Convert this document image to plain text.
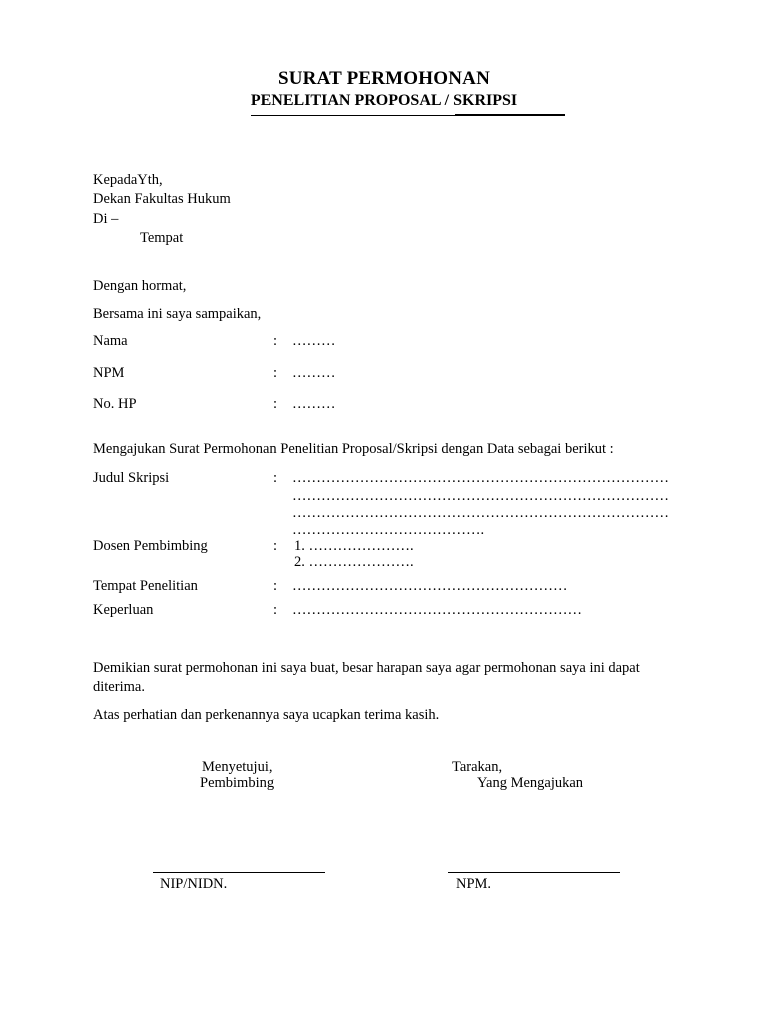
SURAT PERMOHONAN
PENELITIAN PROPOSAL / SKRIPSI
KepadaYth,
Dekan Fakultas Hukum
Di –
Tempat
Dengan hormat,
Bersama ini saya sampaikan,
Nama	: ………
NPM	: ………
No. HP	: ………
Mengajukan Surat Permohonan Penelitian Proposal/Skripsi dengan Data sebagai berikut :
Judul Skripsi	: ……………………………………………………………………
……………………………………………………………………
……………………………………………………………………
………………………………….
Dosen Pembimbing	: 1. ………………….
2. ………………….
Tempat Penelitian	: …………………………………………………
Keperluan	: ……………………………………………………
Demikian surat permohonan ini saya buat, besar harapan saya agar permohonan saya ini dapat
diterima.
Atas perhatian dan perkenannya saya ucapkan terima kasih.
Menyetujui,
Pembimbing
Tarakan,
Yang Mengajukan
NIP/NIDN.	NPM.
